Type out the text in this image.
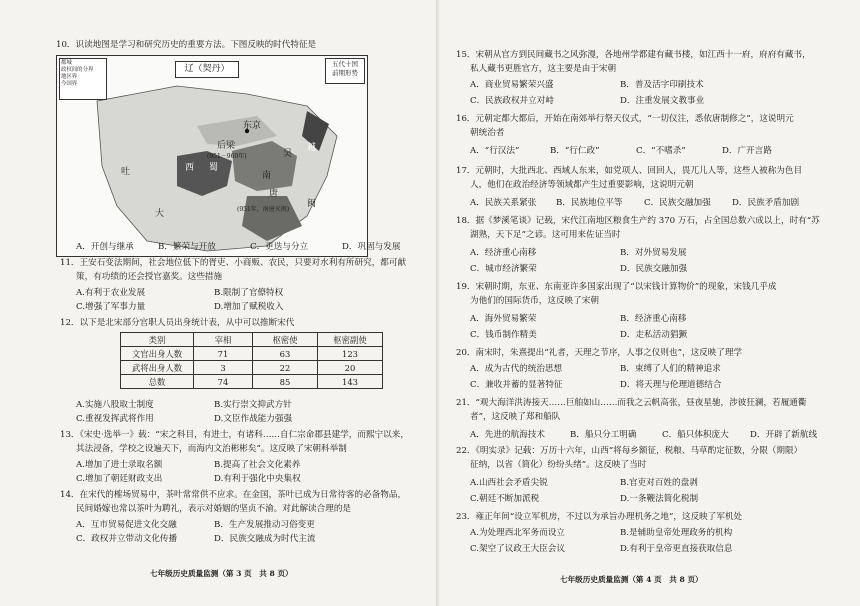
10．识读地图是学习和研究历史的重要方法。下图反映的时代特征是
都城
政权间的分界
地区界
今国界
辽（契丹）	五代十国
前期形势
东京
后梁
(951－960年)
吐	西 蜀
南
唐
闽
越
(951年，南唐灭闽)
吴
大
A．开创与继承	B．繁荣与开放	C．更迭与分立	D．巩固与发展
11．王安石变法期间，社会地位低下的胥吏、小商贩、农民，只要对水利有所研究，都可献
策，有功绩的还会授官嘉奖。这些措施
A.有利于农业发展	B.限制了官僚特权
C.增强了军事力量	D.增加了赋税收入
12．以下是北宋部分官职人员出身统计表，从中可以推断宋代
类别	宰相	枢密使	枢密副使
文官出身人数	71	63	123
武将出身人数	3	22	20
总数	74	85	143
A.实施八股取士制度	B.实行崇文抑武方针
C.重视发挥武将作用	D.文臣作战能力强强
13．《宋史·选举一》载：“宋之科目，有进士，有诸科……自仁宗命郡县建学，而熙宁以来，
其法浸备，学校之设遍天下，而海内文治彬彬矣”。这反映了宋朝科举制
A.增加了进士录取名额	B.提高了社会文化素养
C.增加了朝廷财政支出	D.有利于强化中央集权
14．在宋代的榷场贸易中，茶叶常常供不应求。在金国，茶叶已成为日常待客的必备物品，
民间婚嫁也常以茶叶为聘礼，表示对婚姻的坚贞不渝。对此解读合理的是
A．互市贸易促进文化交融	B．生产发展推动习俗变更
C．政权并立带动文化传播	D．民族交融成为时代主流
七年级历史质量监测（第 3 页　共 8 页）
15．宋朝从官方到民间藏书之风弥漫，各地州学都建有藏书楼，如江西十一府，府府有藏书，
私人藏书更胜官方，这主要是由于宋朝
A．商业贸易繁荣兴盛	B．普及活字印刷技术
C．民族政权并立对峙	D．注重发展文教事业
16．元朝定都大都后，开始在南郊举行祭天仪式，“一切仪注，悉依唐制修之”，这说明元
朝统治者
A．“行汉法”	B．“行仁政”	C．“不嗜杀”	D．广开言路
17．元朝时，大批西北、西域人东来，如党项人、回回人，畏兀儿人等，这些人被称为色目
人，他们在政治经济等领域都产生过重要影响，这说明元朝
A．民族关系紧张 B．民族地位平等	C．民族交融加强 D．民族矛盾加剧
18．据《梦溪笔谈》记载，宋代江南地区粮食生产约 370 万石，占全国总数六成以上，时有“苏
湖熟，天下足”之谚。这可用来佐证当时
A．经济重心南移	B．对外贸易发展
C．城市经济繁荣	D．民族交融加强
19．宋朝时期，东亚、东南亚许多国家出现了“以宋钱计算物价”的现象，宋钱几乎成
为他们的国际货币，这反映了宋朝
A．海外贸易繁荣	B．经济重心南移
C．钱币制作精美	D．走私活动猖獗
20．南宋时，朱熹提出“礼者，天理之节序，人事之仪则也”，这反映了理学
A．成为古代的统治思想	B．束缚了人们的精神追求
C．兼收并蓄的显著特征	D．将天理与伦理道德结合
21．“观大海洋洪涛接天……巨舶如山……而我之云帆高张，昼夜星驰，涉彼狂澜，若履通衢
者”，这反映了郑和船队
A．先进的航海技术	B．船只分工明确	C．船只体积庞大 D．开辟了新航线
22．《明实录》记载：万历十六年，山西“将每乡额征，税粮、马草酌定征数，分限（期限）
征纳，以省（简化）纷纷头绪”。这反映了当时
A.山西社会矛盾尖锐	B.官吏对百姓的盘剥
C.朝廷不断加派税	D.一条鞭法简化税制
23．雍正年间“设立军机房，不过以为承旨办理机务之地”，这反映了军机处
A.为处理西北军务而设立	B.是辅助皇帝处理政务的机构
C.架空了议政王大臣会议	D.有利于皇帝更直接获取信息
七年级历史质量监测（第 4 页　共 8 页）
